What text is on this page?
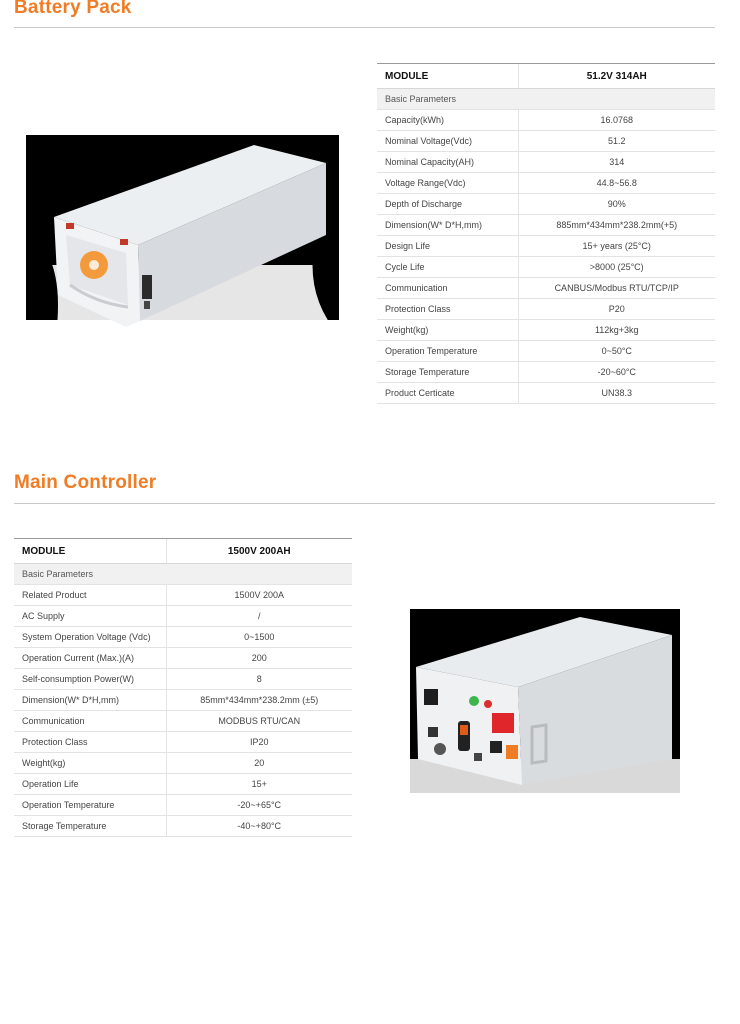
Battery Pack
MODULE	51.2V 314AH
Basic Parameters	
Capacity(kWh)	16.0768
Nominal Voltage(Vdc)	51.2
Nominal Capacity(AH)	314
Voltage Range(Vdc)	44.8~56.8
Depth of Discharge	90%
Dimension(W* D*H,mm)	885mm*434mm*238.2mm(+5)
Design Life	15+ years (25°C)
Cycle Life	>8000 (25°C)
Communication	CANBUS/Modbus RTU/TCP/IP
Protection Class	P20
Weight(kg)	112kg+3kg
Operation Temperature	0~50°C
Storage Temperature	-20~60°C
Product Certicate	UN38.3
Main Controller
MODULE	1500V 200AH
Basic Parameters	
Related Product	1500V 200A
AC Supply	/
System Operation Voltage (Vdc)	0~1500
Operation Current (Max.)(A)	200
Self-consumption Power(W)	8
Dimension(W* D*H,mm)	85mm*434mm*238.2mm (±5)
Communication	MODBUS RTU/CAN
Protection Class	IP20
Weight(kg)	20
Operation Life	15+
Operation Temperature	-20~+65°C
Storage Temperature	-40~+80°C
